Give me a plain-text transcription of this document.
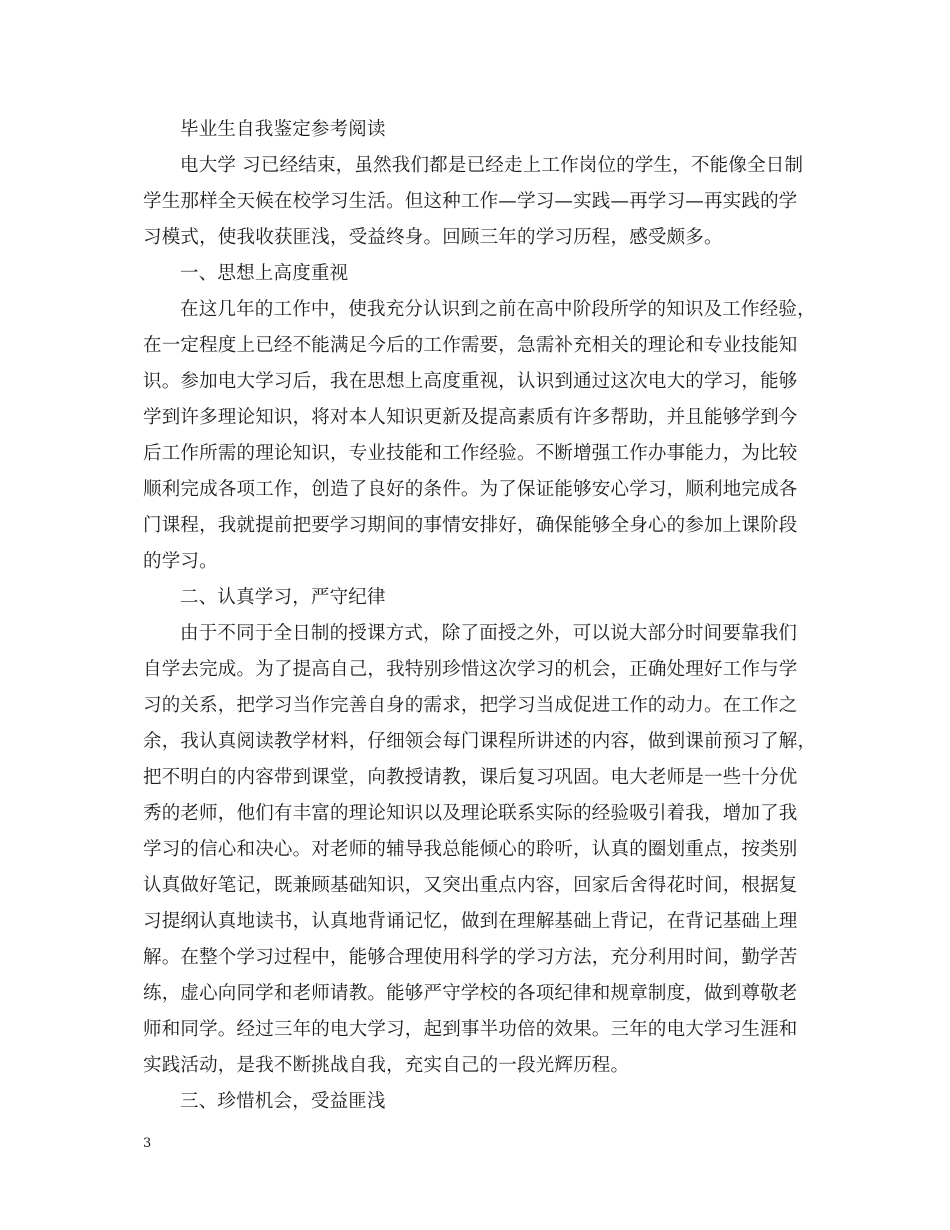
毕业生自我鉴定参考阅读
电大学 习已经结束，虽然我们都是已经走上工作岗位的学生，不能像全日制
学生那样全天候在校学习生活。但这种工作—学习—实践—再学习—再实践的学
习模式，使我收获匪浅，受益终身。回顾三年的学习历程，感受颇多。
一、思想上高度重视
在这几年的工作中，使我充分认识到之前在高中阶段所学的知识及工作经验，
在一定程度上已经不能满足今后的工作需要，急需补充相关的理论和专业技能知
识。参加电大学习后，我在思想上高度重视，认识到通过这次电大的学习，能够
学到许多理论知识，将对本人知识更新及提高素质有许多帮助，并且能够学到今
后工作所需的理论知识，专业技能和工作经验。不断增强工作办事能力，为比较
顺利完成各项工作，创造了良好的条件。为了保证能够安心学习，顺利地完成各
门课程，我就提前把要学习期间的事情安排好，确保能够全身心的参加上课阶段
的学习。
二、认真学习，严守纪律
由于不同于全日制的授课方式，除了面授之外，可以说大部分时间要靠我们
自学去完成。为了提高自己，我特别珍惜这次学习的机会，正确处理好工作与学
习的关系，把学习当作完善自身的需求，把学习当成促进工作的动力。在工作之
余，我认真阅读教学材料，仔细领会每门课程所讲述的内容，做到课前预习了解，
把不明白的内容带到课堂，向教授请教，课后复习巩固。电大老师是一些十分优
秀的老师，他们有丰富的理论知识以及理论联系实际的经验吸引着我，增加了我
学习的信心和决心。对老师的辅导我总能倾心的聆听，认真的圈划重点，按类别
认真做好笔记，既兼顾基础知识，又突出重点内容，回家后舍得花时间，根据复
习提纲认真地读书，认真地背诵记忆，做到在理解基础上背记，在背记基础上理
解。在整个学习过程中，能够合理使用科学的学习方法，充分利用时间，勤学苦
练，虚心向同学和老师请教。能够严守学校的各项纪律和规章制度，做到尊敬老
师和同学。经过三年的电大学习，起到事半功倍的效果。三年的电大学习生涯和
实践活动，是我不断挑战自我，充实自己的一段光辉历程。
三、珍惜机会，受益匪浅
3
